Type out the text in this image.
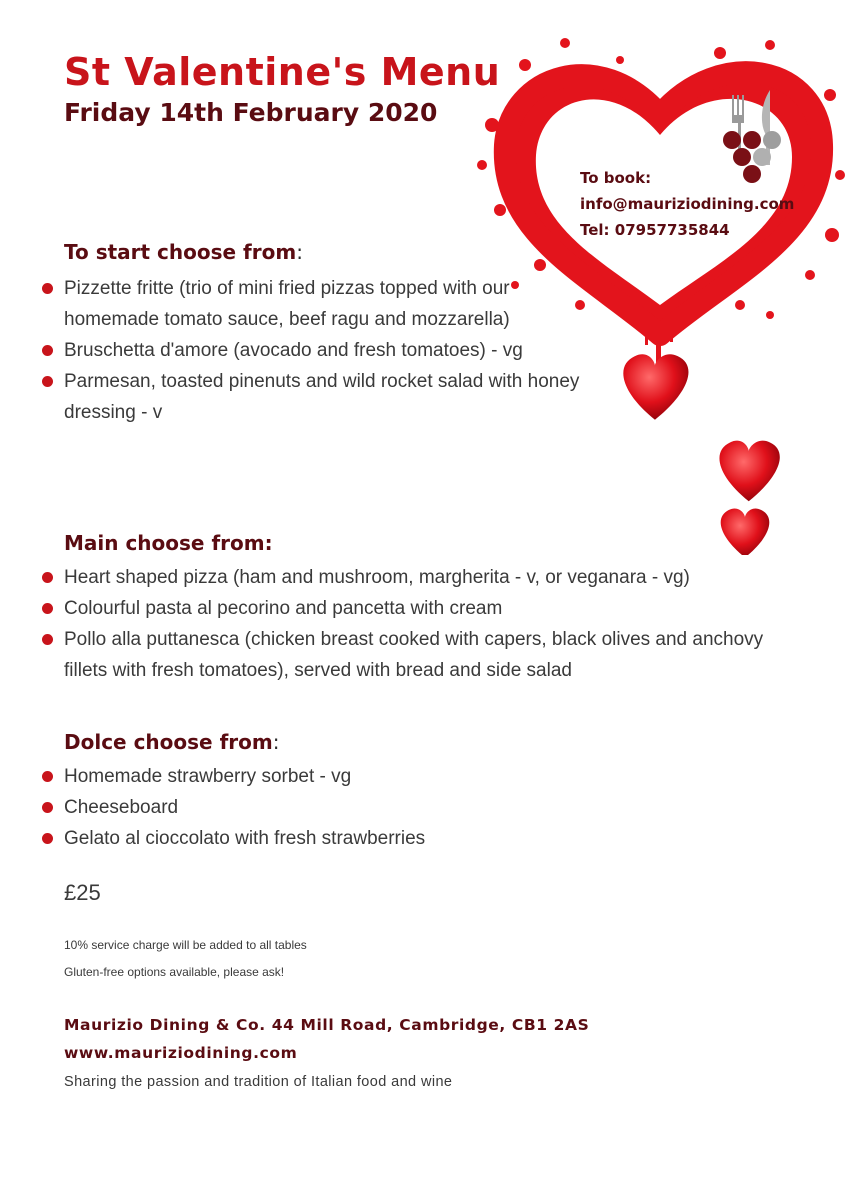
St Valentine's Menu
Friday 14th February 2020
To book:
info@mauriziodining.com
Tel: 07957735844
To start choose from:
Pizzette fritte (trio of mini fried pizzas topped with our homemade tomato sauce, beef ragu and mozzarella)
Bruschetta d'amore (avocado and fresh tomatoes) - vg
Parmesan, toasted pinenuts and wild rocket salad with honey dressing - v
Main choose from:
Heart shaped pizza (ham and mushroom, margherita - v, or veganara - vg)
Colourful pasta al pecorino and pancetta with cream
Pollo alla puttanesca (chicken breast cooked with capers, black olives and anchovy fillets with fresh tomatoes), served with bread and side salad
Dolce choose from:
Homemade strawberry sorbet - vg
Cheeseboard
Gelato al cioccolato with fresh strawberries
£25
10% service charge will be added to all tables
Gluten-free options available, please ask!
Maurizio Dining & Co. 44 Mill Road, Cambridge, CB1 2AS
www.mauriziodining.com
Sharing the passion and tradition of Italian food and wine
